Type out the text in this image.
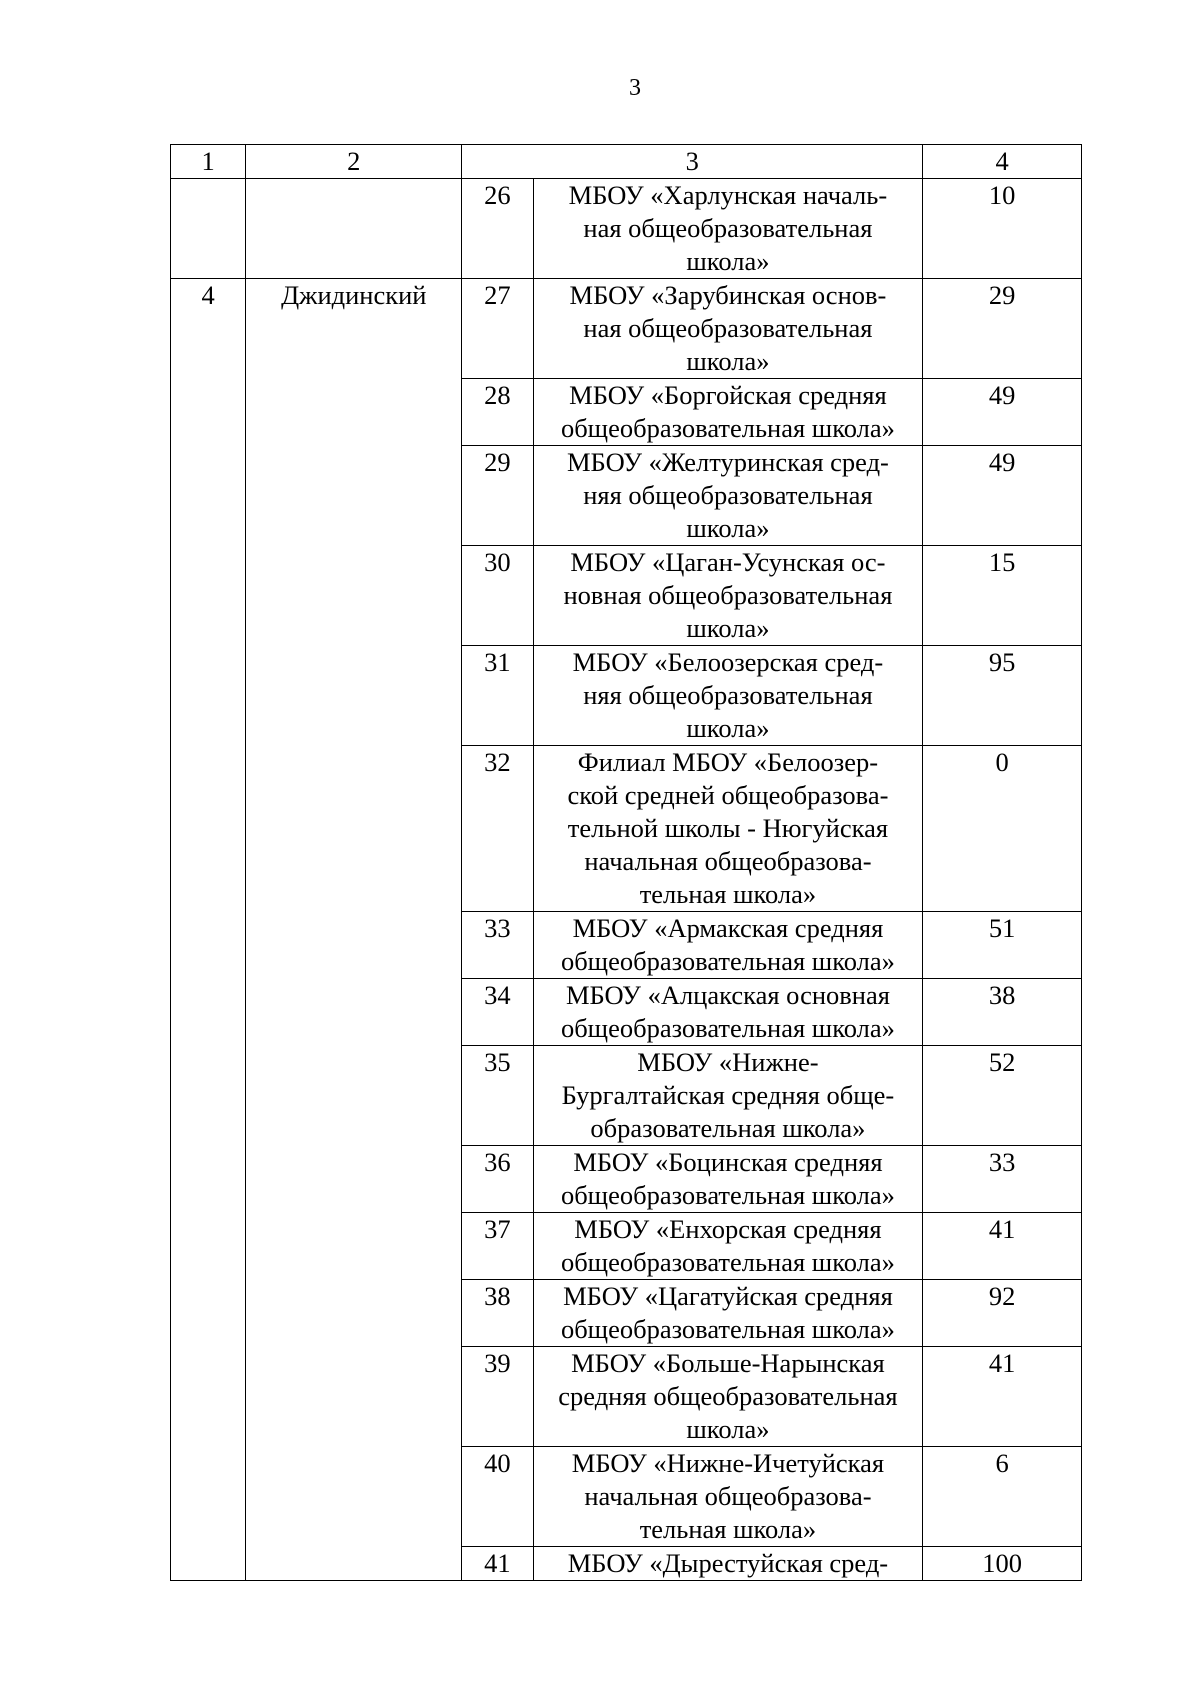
3
1	2	3		4
		26	МБОУ «Харлунская началь-
ная общеобразовательная
школа»	10
4	Джидинский	27	МБОУ «Зарубинская основ-
ная общеобразовательная
школа»	29
		28	МБОУ «Боргойская средняя
общеобразовательная школа»	49
		29	МБОУ «Желтуринская сред-
няя общеобразовательная
школа»	49
		30	МБОУ «Цаган-Усунская ос-
новная общеобразовательная
школа»	15
		31	МБОУ «Белоозерская сред-
няя общеобразовательная
школа»	95
		32	Филиал МБОУ «Белоозер-
ской средней общеобразова-
тельной школы - Нюгуйская
начальная общеобразова-
тельная школа»	0
		33	МБОУ «Армакская средняя
общеобразовательная школа»	51
		34	МБОУ «Алцакская основная
общеобразовательная школа»	38
		35	МБОУ «Нижне-
Бургалтайская средняя обще-
образовательная школа»	52
		36	МБОУ «Боцинская средняя
общеобразовательная школа»	33
		37	МБОУ «Енхорская средняя
общеобразовательная школа»	41
		38	МБОУ «Цагатуйская средняя
общеобразовательная школа»	92
		39	МБОУ «Больше-Нарынская
средняя общеобразовательная
школа»	41
		40	МБОУ «Нижне-Ичетуйская
начальная общеобразова-
тельная школа»	6
		41	МБОУ «Дырестуйская сред-	100
